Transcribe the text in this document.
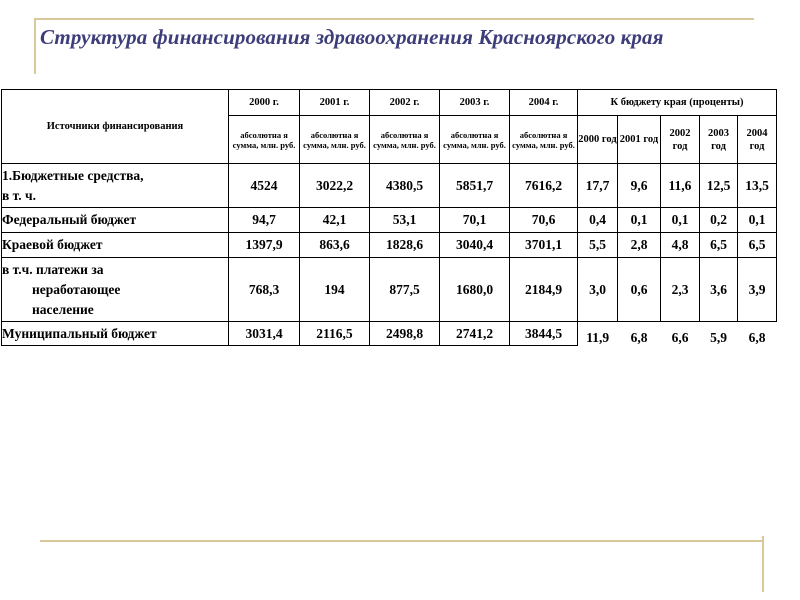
Структура финансирования здравоохранения Красноярского края
Источники финансирования	2000 г.	2001 г.	2002 г.	2003 г.	2004 г.	К бюджету края (проценты)				
	абсолютна я сумма, млн. руб.	абсолютна я сумма, млн. руб.	абсолютна я сумма, млн. руб.	абсолютна я сумма, млн. руб.	абсолютна я сумма, млн. руб.	2000 год	2001 год	2002 год	2003 год	2004 год
1.Бюджетные средства,
в т. ч.	4524	3022,2	4380,5	5851,7	7616,2	17,7	9,6	11,6	12,5	13,5
Федеральный бюджет	94,7	42,1	53,1	70,1	70,6	0,4	0,1	0,1	0,2	0,1
Краевой бюджет	1397,9	863,6	1828,6	3040,4	3701,1	5,5	2,8	4,8	6,5	6,5
в т.ч. платежи за
неработающее
население	768,3	194	877,5	1680,0	2184,9	3,0	0,6	2,3	3,6	3,9
Муниципальный бюджет	3031,4	2116,5	2498,8	2741,2	3844,5	11,9	6,8	6,6	5,9	6,8
